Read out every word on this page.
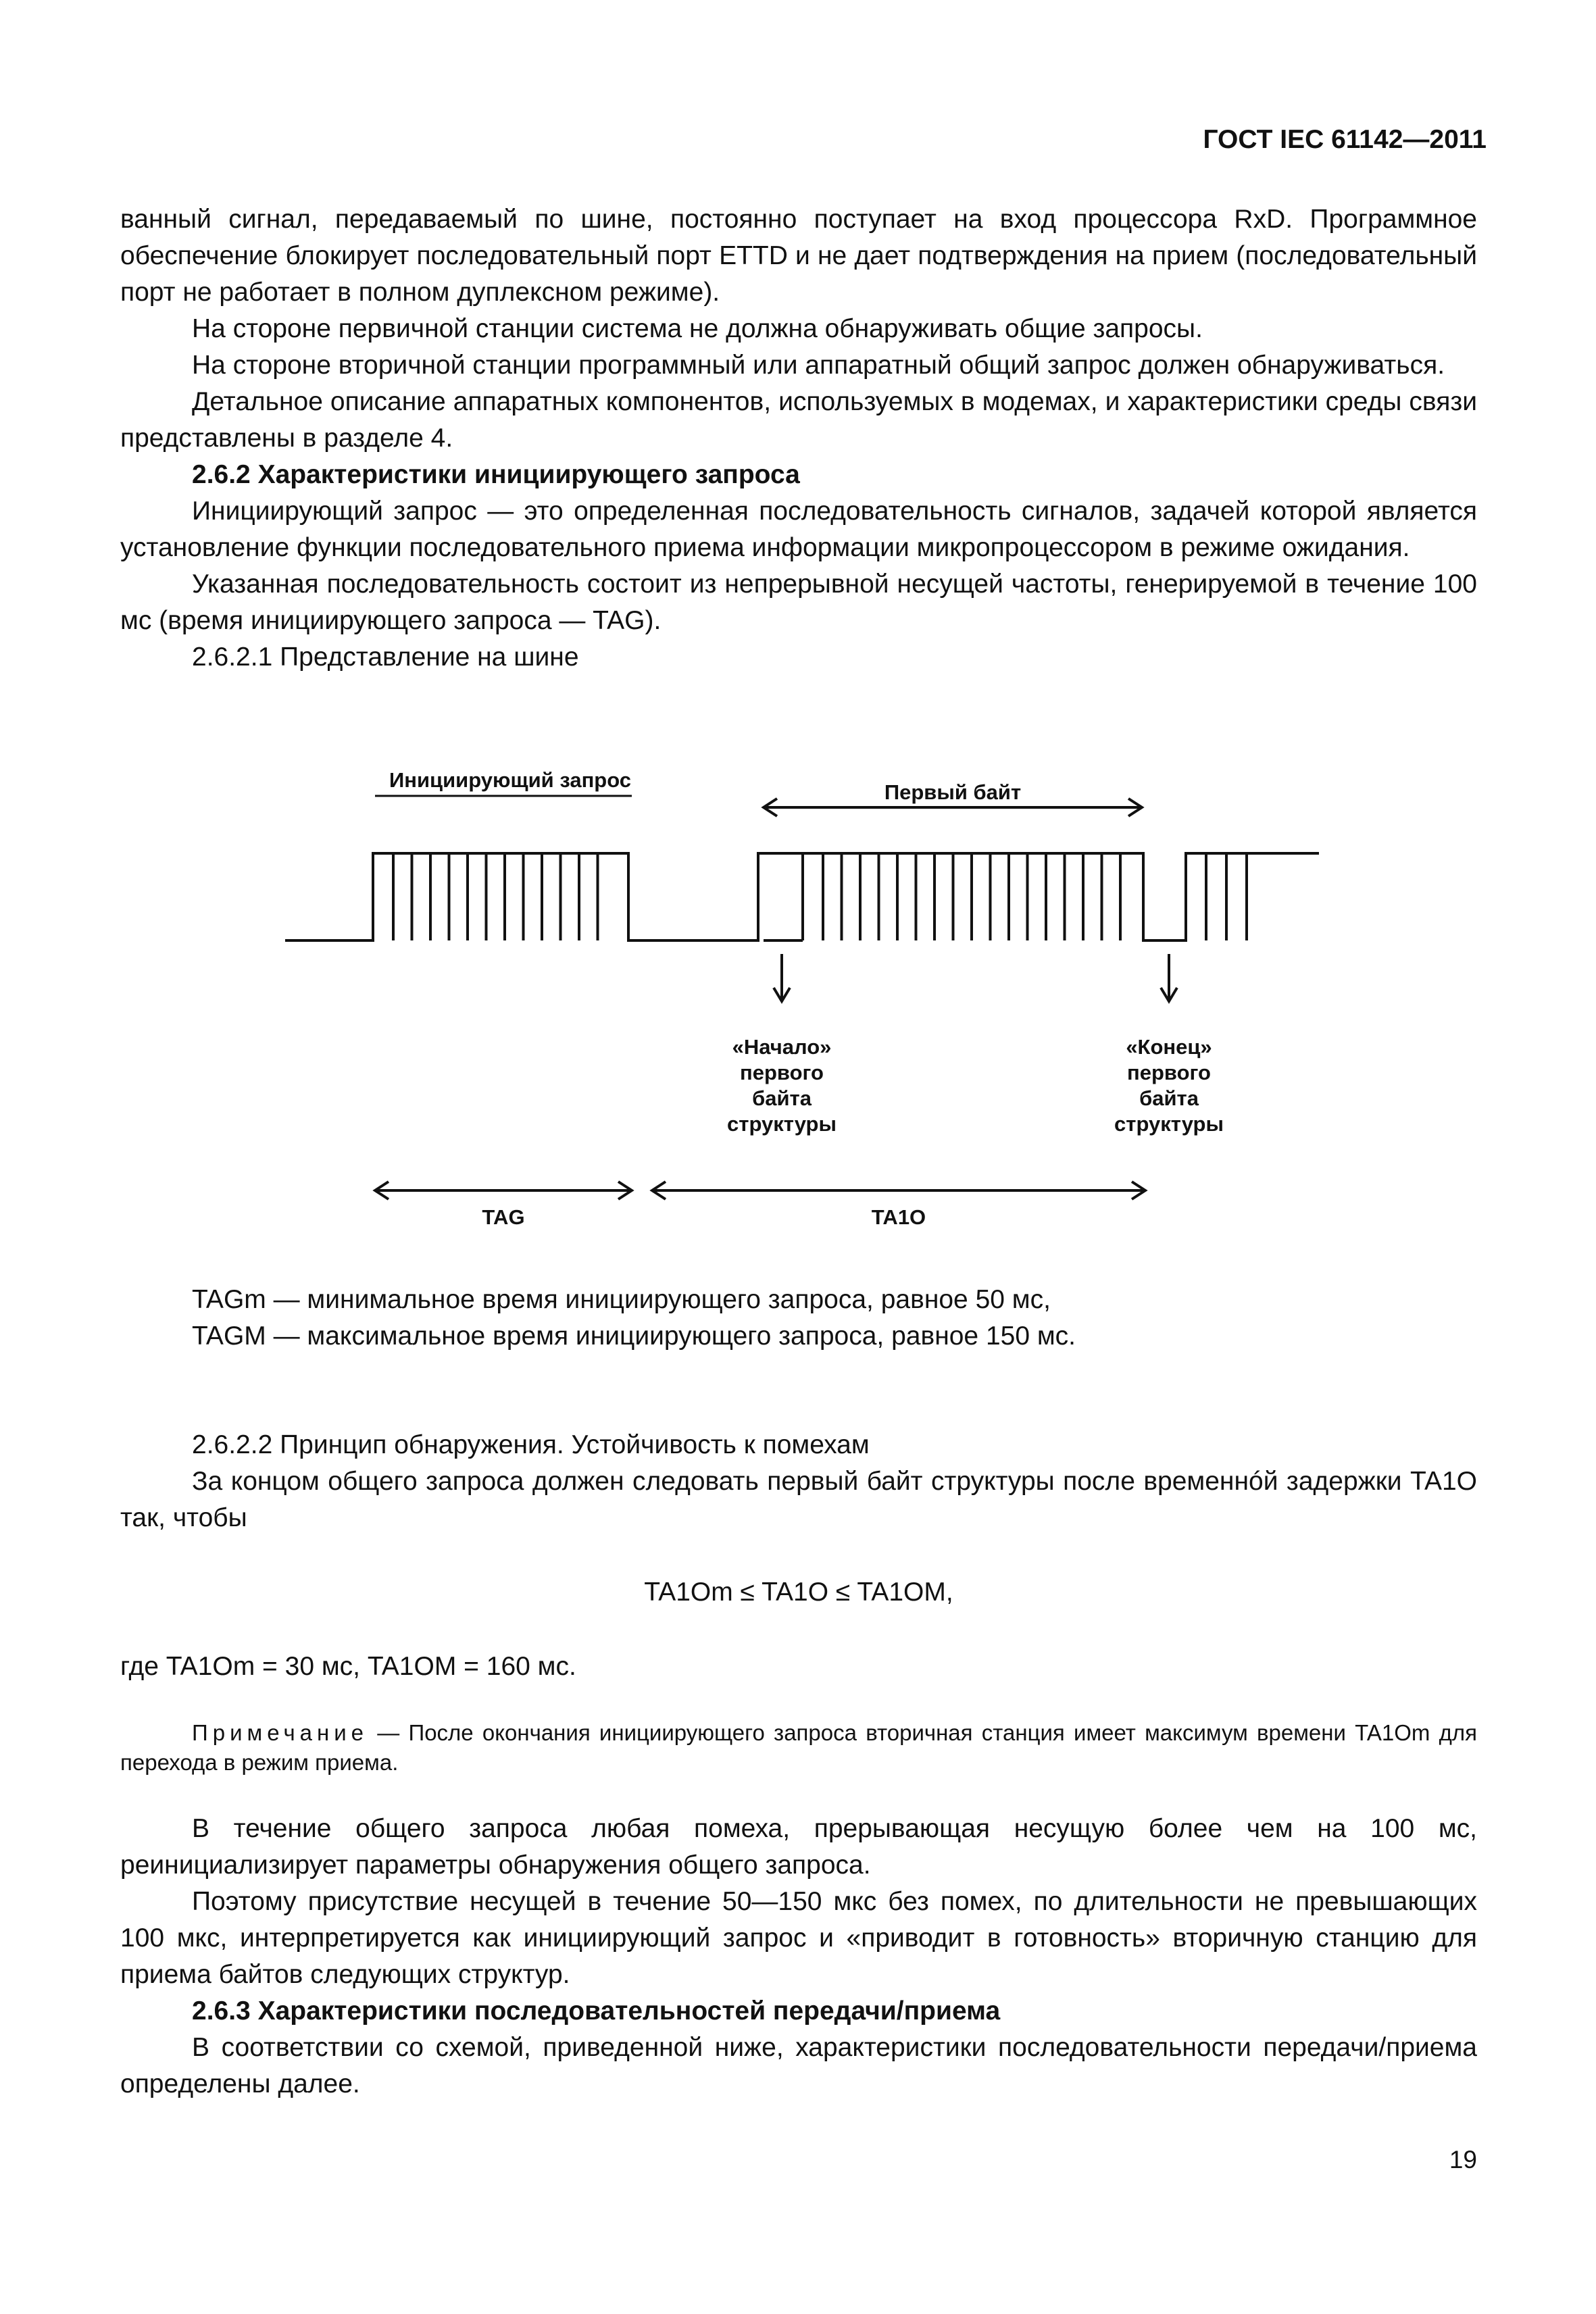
ГОСТ IEC 61142—2011

ванный сигнал, передаваемый по шине, постоянно поступает на вход процессора RxD. Программное обеспечение блокирует последовательный порт ETTD и не дает подтверждения на прием (последовательный порт не работает в полном дуплексном режиме).

На стороне первичной станции система не должна обнаруживать общие запросы.

На стороне вторичной станции программный или аппаратный общий запрос должен обнаруживаться.

Детальное описание аппаратных компонентов, используемых в модемах, и характеристики среды связи представлены в разделе 4.

2.6.2 Характеристики инициирующего запроса

Инициирующий запрос — это определенная последовательность сигналов, задачей которой является установление функции последовательного приема информации микропроцессором в режиме ожидания.

Указанная последовательность состоит из непрерывной несущей частоты, генерируемой в течение 100 мс (время инициирующего запроса — TAG).

2.6.2.1 Представление на шине

Инициирующий запрос
Первый байт
«Начало»
первого
байта
структуры
«Конец»
первого
байта
структуры
TAG	TA1O

TAGm — минимальное время инициирующего запроса, равное 50 мс,

TAGM — максимальное время инициирующего запроса, равное 150 мс.

2.6.2.2 Принцип обнаружения. Устойчивость к помехам

За концом общего запроса должен следовать первый байт структуры после временнóй задержки TA1O так, чтобы

TA1Om ≤ TA1O ≤ TA1OM,

где TA1Om = 30 мс, TA1OM = 160 мс.

Примечание — После окончания инициирующего запроса вторичная станция имеет максимум времени TA1Om для перехода в режим приема.

В течение общего запроса любая помеха, прерывающая несущую более чем на 100 мс, реинициализирует параметры обнаружения общего запроса.

Поэтому присутствие несущей в течение 50—150 мкс без помех, по длительности не превышающих 100 мкс, интерпретируется как инициирующий запрос и «приводит в готовность» вторичную станцию для приема байтов следующих структур.

2.6.3 Характеристики последовательностей передачи/приема

В соответствии со схемой, приведенной ниже, характеристики последовательности передачи/приема определены далее.

19
